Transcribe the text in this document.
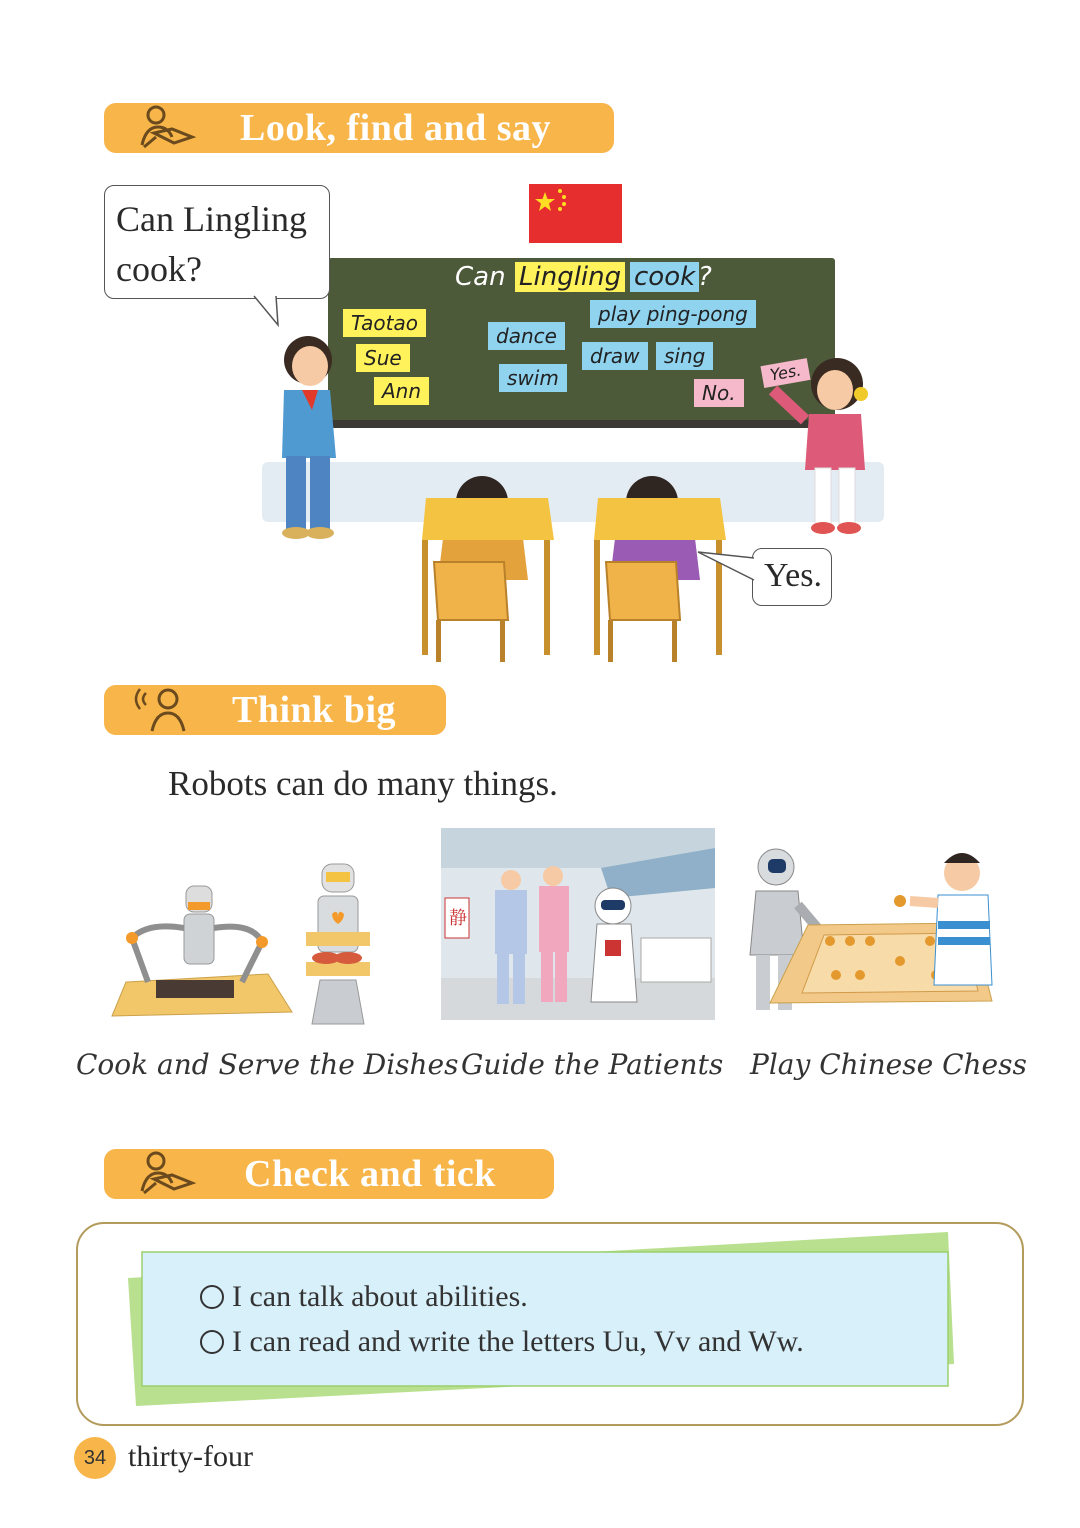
Look, find and say
Can Lingling cook ?
Taotao
Sue
Ann
dance
swim
play ping-pong
draw	sing
No.
Yes.
Can Lingling
cook?
Yes.
Think big
Robots can do many things.
静
Cook and Serve the Dishes Guide the Patients Play Chinese Chess
Check and tick
I can talk about abilities.
I can read and write the letters Uu, Vv and Ww.
34 thirty-four
